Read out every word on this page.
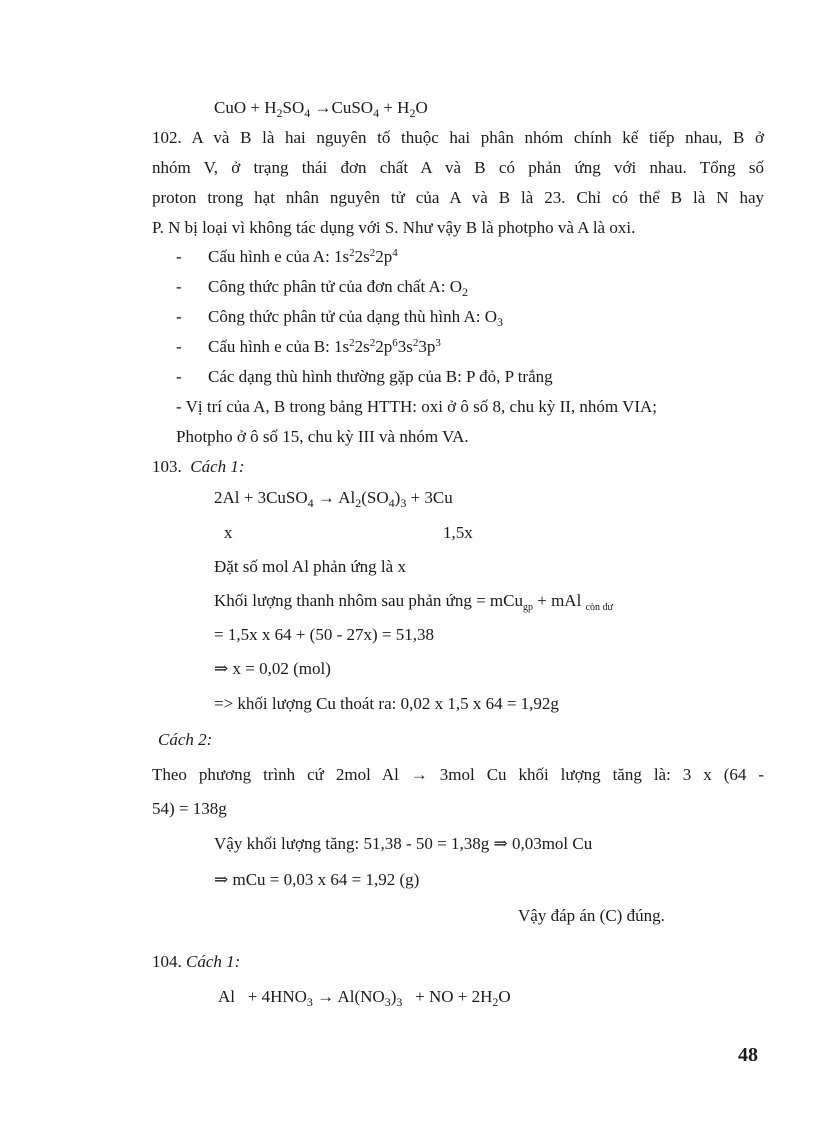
CuO + $H_2SO_4$ →CuSO$_4$ + $H_2O$
102. A và B là hai nguyên tố thuộc hai phân nhóm chính kế tiếp nhau, B ở
nhóm V, ở trạng thái đơn chất A và B có phản ứng với nhau. Tổng số
proton trong hạt nhân nguyên tử của A và B là 23. Chỉ có thể B là N hay
P. N bị loại vì không tác dụng với S. Như vậy B là photpho và A là oxi.
- Cấu hình e của A: $1s^22s^22p^4$
- Công thức phân tử của đơn chất A: $O_2$
- Công thức phân tử của dạng thù hình A: $O_3$
- Cấu hình e của B: $1s^22s^22p^63s^23p^3$
- Các dạng thù hình thường gặp của B: P đỏ, P trắng
- Vị trí của A, B trong bảng HTTH: oxi ở ô số 8, chu kỳ II, nhóm VIA;
Photpho ở ô số 15, chu kỳ III và nhóm VA.
103. Cách 1:
2Al + 3CuSO$_4$ → $Al_2(SO_4)_3 + 3Cu$
x	1,5x
Đặt số mol Al phản ứng là x
Khối lượng thanh nhôm sau phản ứng = mCu$_{gp}$ + mAl $_{còn dư}$
= 1,5x x 64 + (50 - 27x) = 51,38
⇒ x = 0,02 (mol)
=> khối lượng Cu thoát ra: 0,02 x 1,5 x 64 = 1,92g
Cách 2:
Theo phương trình cứ 2mol Al → 3mol Cu khối lượng tăng là: 3 x (64 -
54) = 138g
Vậy khối lượng tăng: 51,38 - 50 = 1,38g ⇒ 0,03mol Cu
⇒ mCu = 0,03 x 64 = 1,92 (g)
Vậy đáp án (C) đúng.
104. Cách 1:
$Al + 4HNO_3 \to Al(NO_3)_3$   + NO + $2H_2O$
48
